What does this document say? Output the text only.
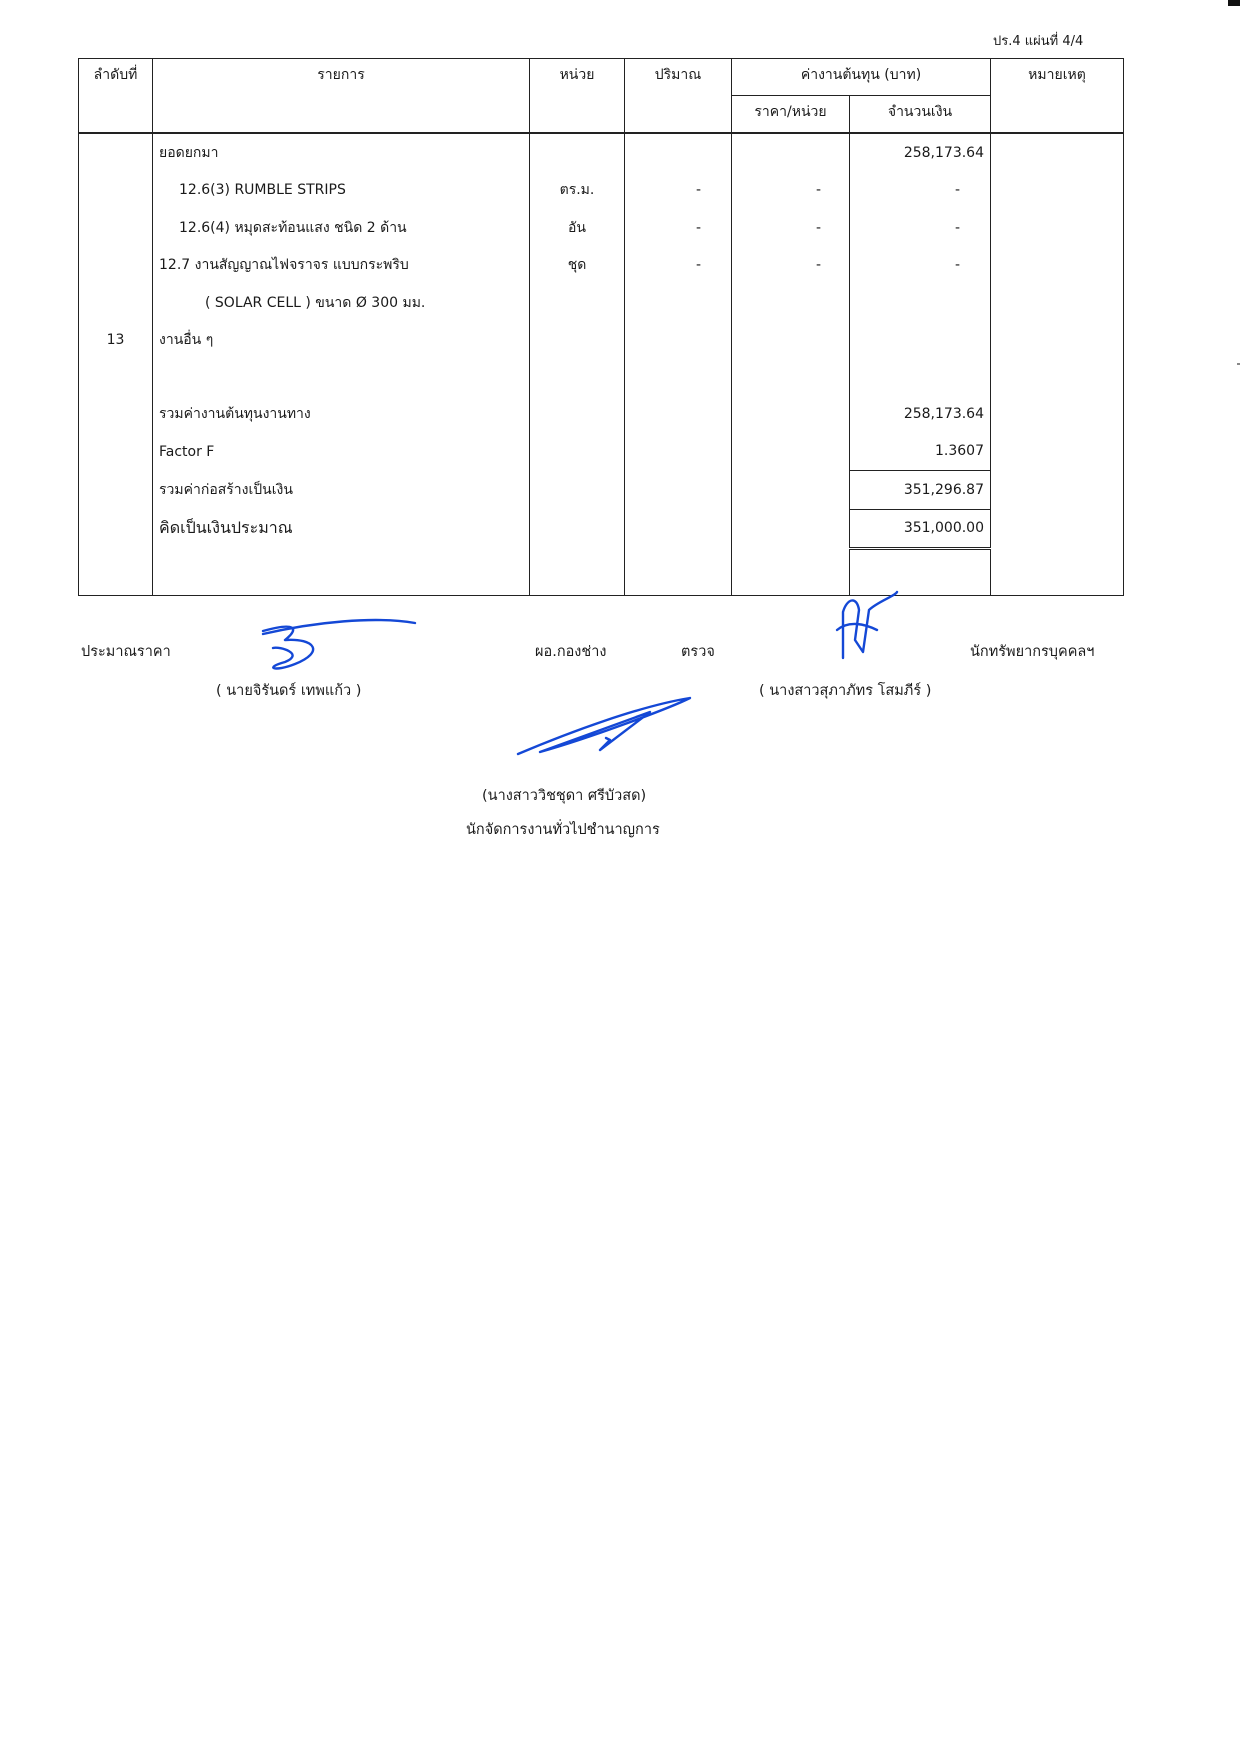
ปร.4 แผ่นที่ 4/4
ลำดับที่	รายการ	หน่วย	ปริมาณ	ค่างานต้นทุน (บาท)		หมายเหตุ
				ราคา/หน่วย	จำนวนเงิน	
	ยอดยกมา				258,173.64	
	12.6(3) RUMBLE STRIPS	ตร.ม.	-	-	-	
	12.6(4) หมุดสะท้อนแสง ชนิด 2 ด้าน	อัน	-	-	-	
	12.7 งานสัญญาณไฟจราจร แบบกระพริบ	ชุด	-	-	-	
	( SOLAR CELL ) ขนาด Ø 300 มม.					
13	งานอื่น ๆ					

	รวมค่างานต้นทุนงานทาง				258,173.64	
	Factor F				1.3607	
	รวมค่าก่อสร้างเป็นเงิน				351,296.87	
	คิดเป็นเงินประมาณ				351,000.00	

ประมาณราคา
( นายจิรันดร์ เทพแก้ว )
ผอ.กองช่าง	ตรวจ	นักทรัพยากรบุคคลฯ
( นางสาวสุภาภัทร โสมภีร์ )
(นางสาววิชชุดา ศรีบัวสด)
นักจัดการงานทั่วไปชำนาญการ
